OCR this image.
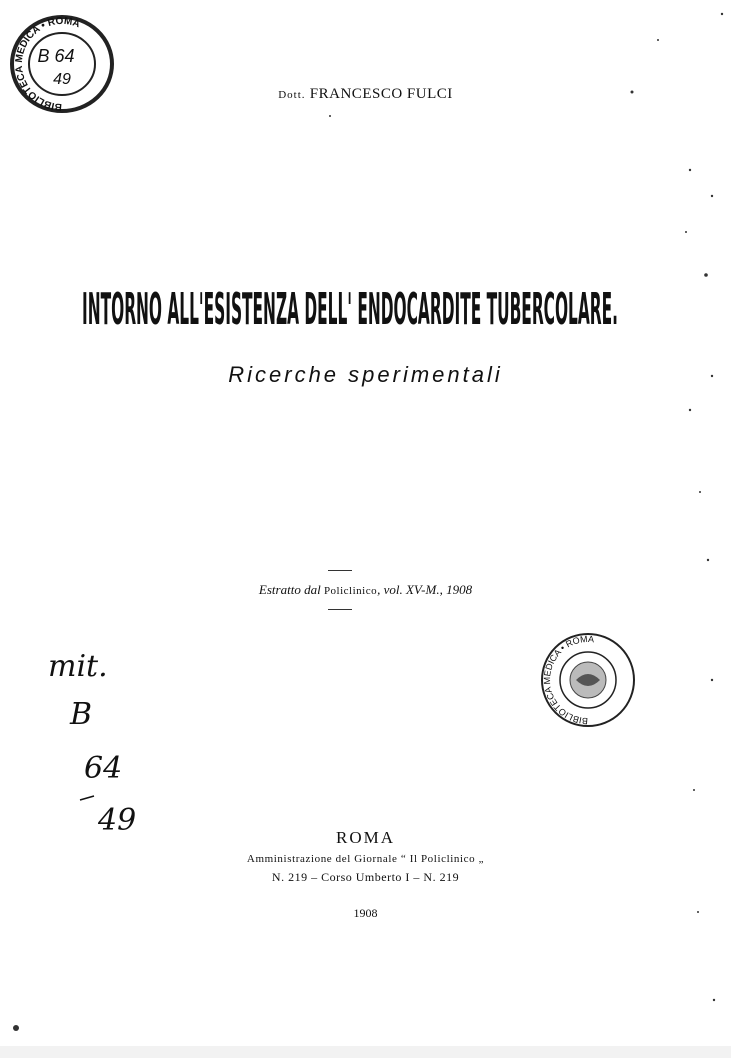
BIBLIOTECA MEDICA • ROMA
B 64
49
Dott. FRANCESCO FULCI
INTORNO ALL'ESISTENZA DELL' ENDOCARDITE TUBERCOLARE.
Ricerche sperimentali
Estratto dal Policlinico, vol. XV-M., 1908
BIBLIOTECA MEDICA • ROMA
mit.
B
64
49	ROMA
Amministrazione del Giornale “ Il Policlinico „
N. 219 – Corso Umberto I – N. 219
1908
